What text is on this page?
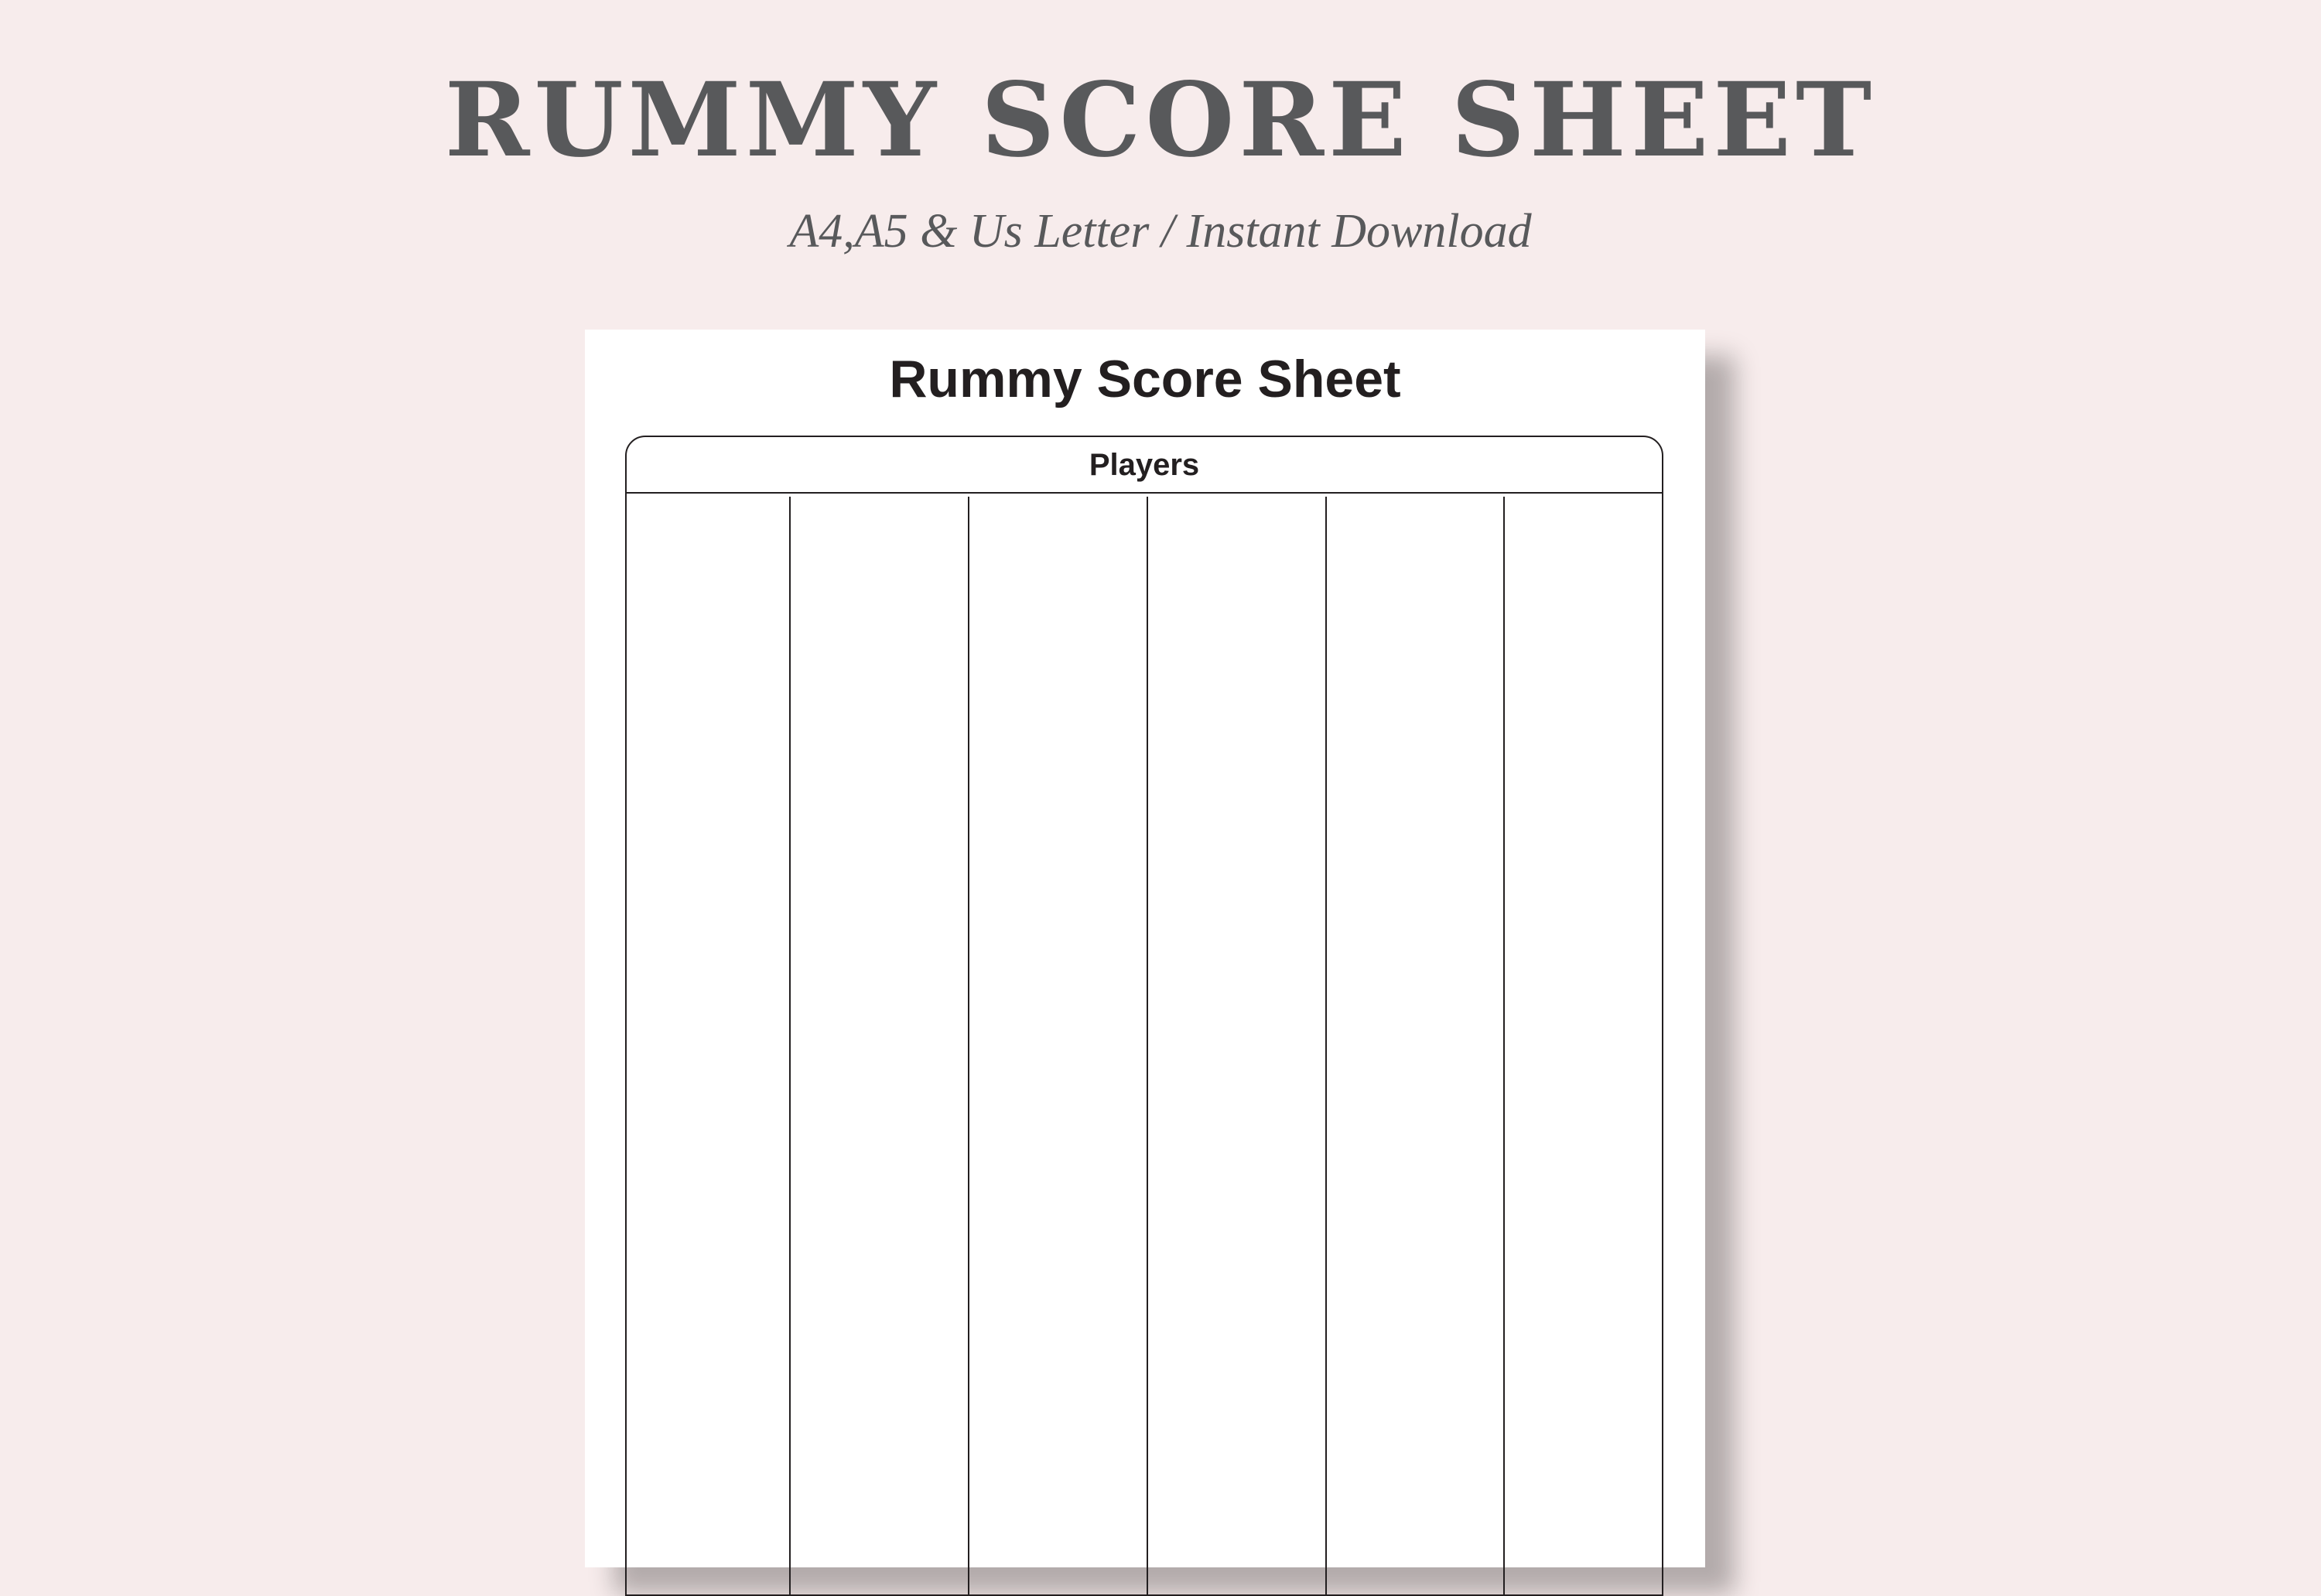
RUMMY SCORE SHEET
A4,A5 & Us Letter / Instant Download
Rummy Score Sheet
Players
